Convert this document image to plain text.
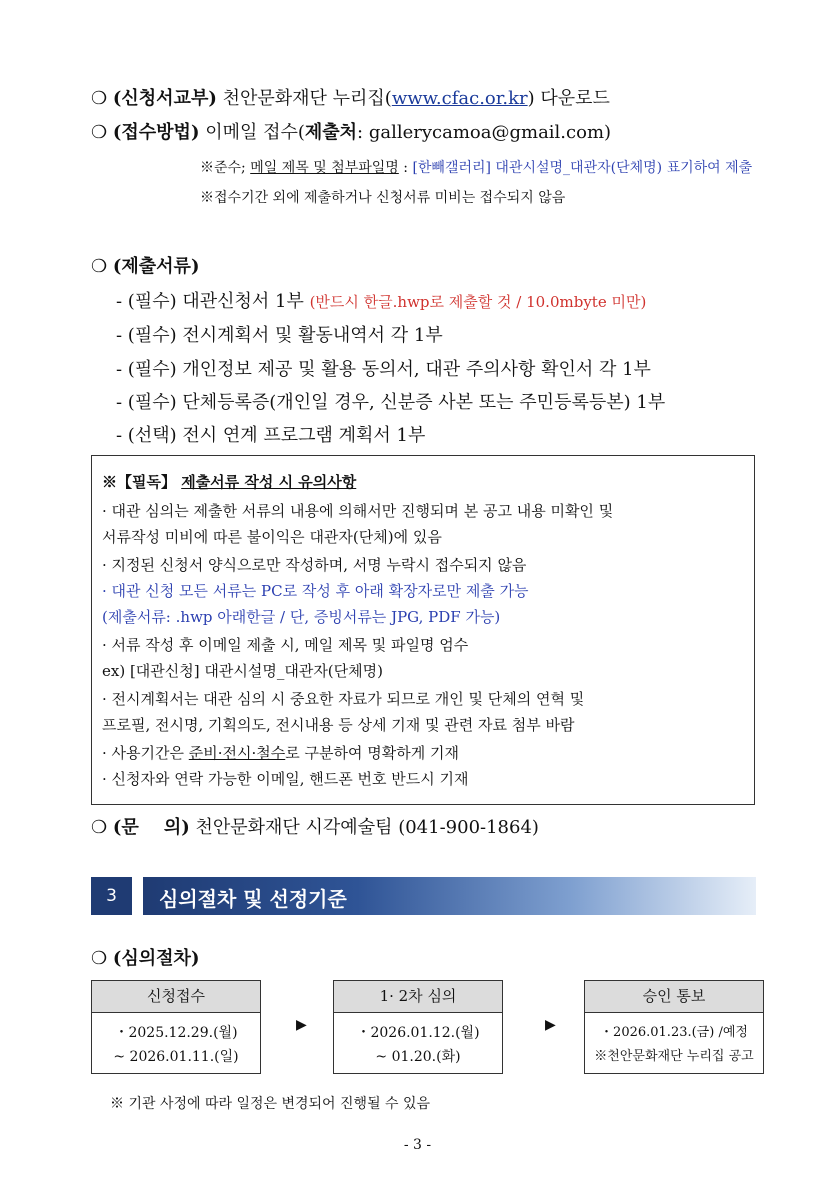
❍ (신청서교부) 천안문화재단 누리집(www.cfac.or.kr) 다운로드
❍ (접수방법) 이메일 접수(제출처: gallerycamoa@gmail.com)
※준수; 메일 제목 및 첨부파일명 : [한빼갤러리] 대관시설명_대관자(단체명) 표기하여 제출
※접수기간 외에 제출하거나 신청서류 미비는 접수되지 않음
❍ (제출서류)
- (필수) 대관신청서 1부 (반드시 한글.hwp로 제출할 것 / 10.0mbyte 미만)
- (필수) 전시계획서 및 활동내역서 각 1부
- (필수) 개인정보 제공 및 활용 동의서, 대관 주의사항 확인서 각 1부
- (필수) 단체등록증(개인일 경우, 신분증 사본 또는 주민등록등본) 1부
- (선택) 전시 연계 프로그램 계획서 1부
※【필독】 제출서류 작성 시 유의사항
· 대관 심의는 제출한 서류의 내용에 의해서만 진행되며 본 공고 내용 미확인 및
서류작성 미비에 따른 불이익은 대관자(단체)에 있음
· 지정된 신청서 양식으로만 작성하며, 서명 누락시 접수되지 않음
· 대관 신청 모든 서류는 PC로 작성 후 아래 확장자로만 제출 가능
(제출서류: .hwp 아래한글 / 단, 증빙서류는 JPG, PDF 가능)
· 서류 작성 후 이메일 제출 시, 메일 제목 및 파일명 엄수
ex) [대관신청] 대관시설명_대관자(단체명)
· 전시계획서는 대관 심의 시 중요한 자료가 되므로 개인 및 단체의 연혁 및
프로필, 전시명, 기획의도, 전시내용 등 상세 기재 및 관련 자료 첨부 바람
· 사용기간은 준비·전시·철수로 구분하여 명확하게 기재
· 신청자와 연락 가능한 이메일, 핸드폰 번호 반드시 기재
❍ (문    의) 천안문화재단 시각예술팀 (041-900-1864)
3	심의절차 및 선정기준
❍ (심의절차)
신청접수
・2025.12.29.(월)
~ 2026.01.11.(일)
▶
1· 2차 심의
・2026.01.12.(월)
~ 01.20.(화)
▶
승인 통보
・2026.01.23.(금) /예정
※천안문화재단 누리집 공고
※ 기관 사정에 따라 일정은 변경되어 진행될 수 있음
- 3 -
